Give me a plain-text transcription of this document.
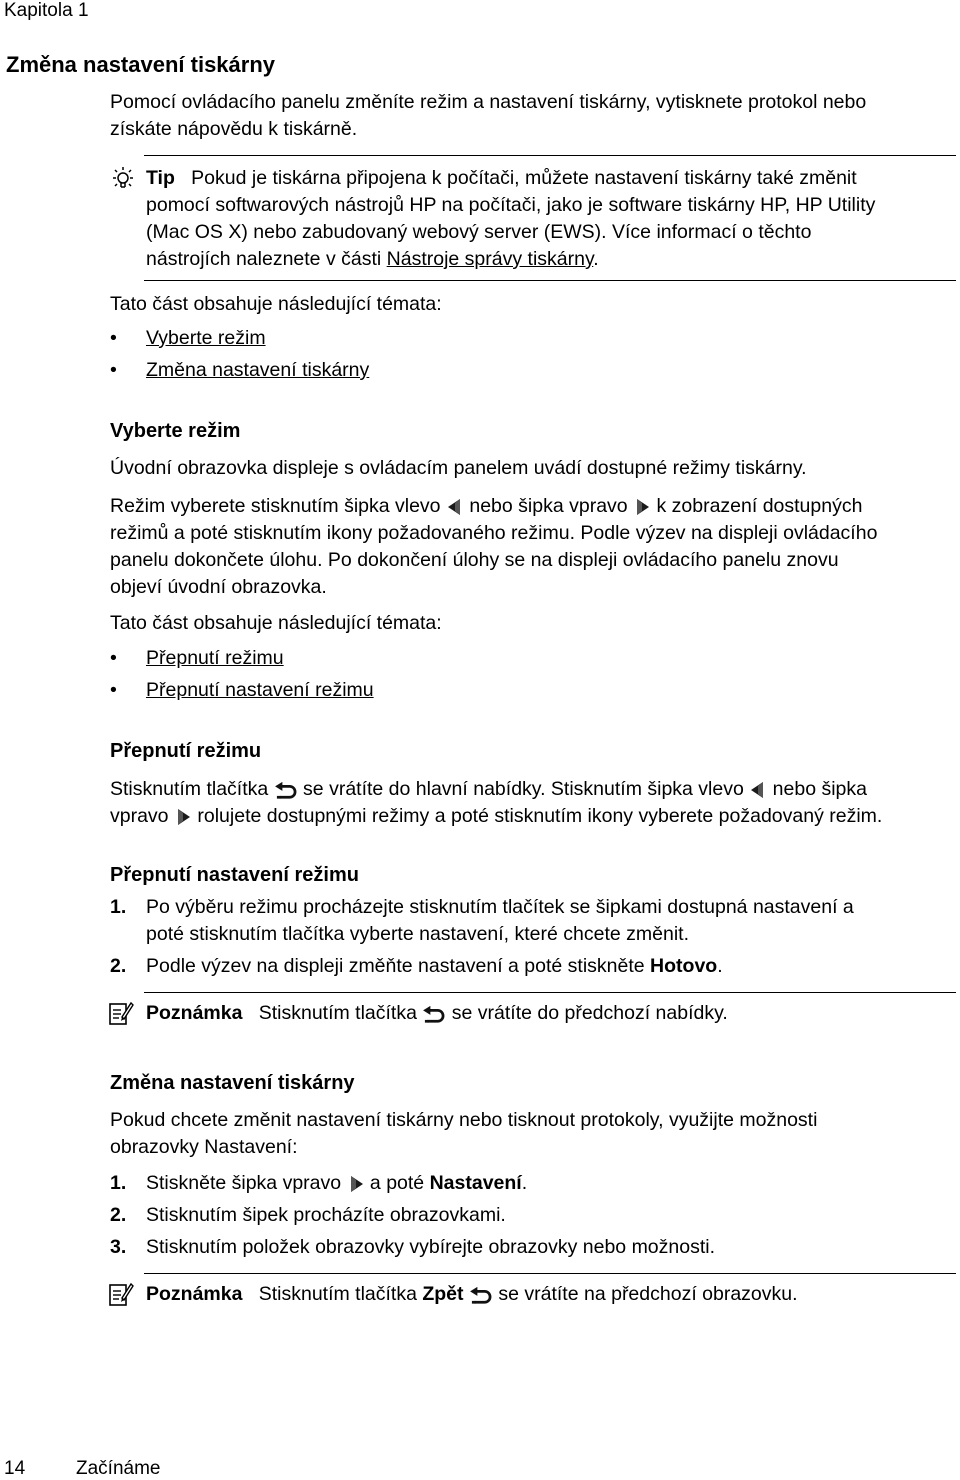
Kapitola 1
Změna nastavení tiskárny
Pomocí ovládacího panelu změníte režim a nastavení tiskárny, vytisknete protokol nebo
získáte nápovědu k tiskárně.
Tip Pokud je tiskárna připojena k počítači, můžete nastavení tiskárny také změnit
pomocí softwarových nástrojů HP na počítači, jako je software tiskárny HP, HP Utility
(Mac OS X) nebo zabudovaný webový server (EWS). Více informací o těchto
nástrojích naleznete v části Nástroje správy tiskárny.
Tato část obsahuje následující témata:
• Vyberte režim
• Změna nastavení tiskárny
Vyberte režim
Úvodní obrazovka displeje s ovládacím panelem uvádí dostupné režimy tiskárny.
Režim vyberete stisknutím šipka vlevo  nebo šipka vpravo  k zobrazení dostupných
režimů a poté stisknutím ikony požadovaného režimu. Podle výzev na displeji ovládacího
panelu dokončete úlohu. Po dokončení úlohy se na displeji ovládacího panelu znovu
objeví úvodní obrazovka.
Tato část obsahuje následující témata:
• Přepnutí režimu
• Přepnutí nastavení režimu
Přepnutí režimu
Stisknutím tlačítka  se vrátíte do hlavní nabídky. Stisknutím šipka vlevo  nebo šipka
vpravo  rolujete dostupnými režimy a poté stisknutím ikony vyberete požadovaný režim.
Přepnutí nastavení režimu
1. Po výběru režimu procházejte stisknutím tlačítek se šipkami dostupná nastavení a
poté stisknutím tlačítka vyberte nastavení, které chcete změnit.
2. Podle výzev na displeji změňte nastavení a poté stiskněte Hotovo.
Poznámka Stisknutím tlačítka  se vrátíte do předchozí nabídky.
Změna nastavení tiskárny
Pokud chcete změnit nastavení tiskárny nebo tisknout protokoly, využijte možnosti
obrazovky Nastavení:
1. Stiskněte šipka vpravo  a poté Nastavení.
2. Stisknutím šipek procházíte obrazovkami.
3. Stisknutím položek obrazovky vybírejte obrazovky nebo možnosti.
Poznámka Stisknutím tlačítka Zpět  se vrátíte na předchozí obrazovku.
14	Začínáme
